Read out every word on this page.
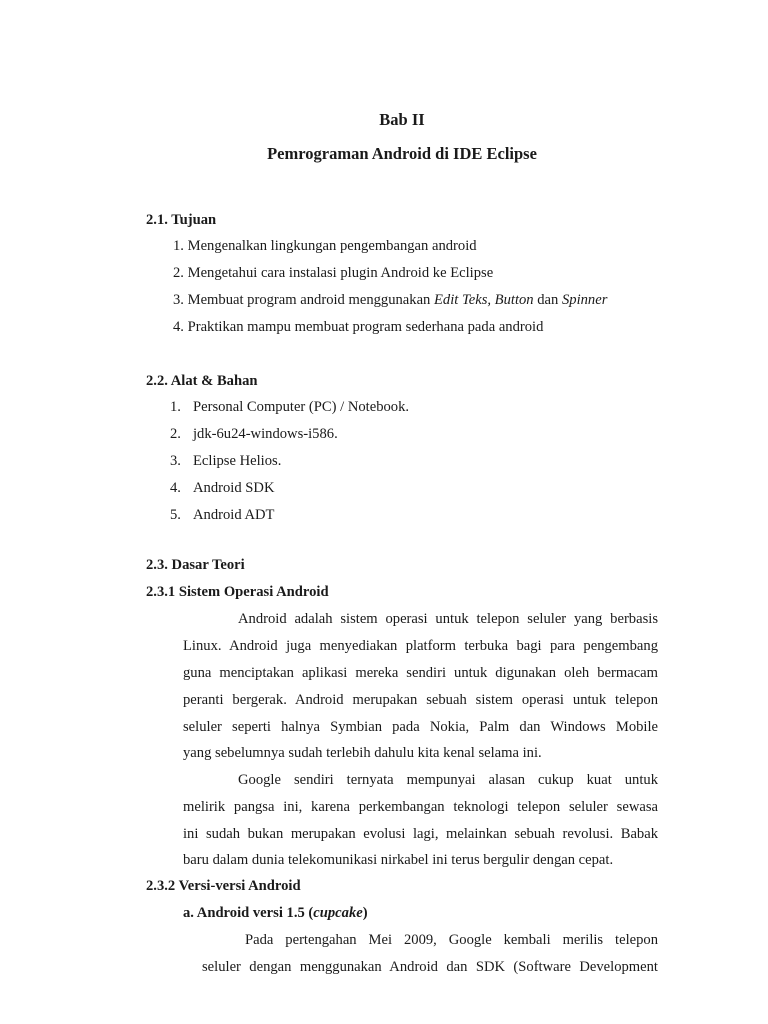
Bab II
Pemrograman Android di IDE Eclipse
2.1. Tujuan
1. Mengenalkan lingkungan pengembangan android
2. Mengetahui cara instalasi plugin Android ke Eclipse
3. Membuat program android menggunakan Edit Teks, Button dan Spinner
4. Praktikan mampu membuat program sederhana pada android
2.2. Alat & Bahan
1. Personal Computer (PC) / Notebook.
2. jdk-6u24-windows-i586.
3. Eclipse Helios.
4. Android SDK
5. Android ADT
2.3. Dasar Teori
2.3.1 Sistem Operasi Android
Android adalah sistem operasi untuk telepon seluler yang berbasis
Linux. Android juga menyediakan platform terbuka bagi para pengembang
guna menciptakan aplikasi mereka sendiri untuk digunakan oleh bermacam
peranti bergerak. Android merupakan sebuah sistem operasi untuk telepon
seluler seperti halnya Symbian pada Nokia, Palm dan Windows Mobile
yang sebelumnya sudah terlebih dahulu kita kenal selama ini.
Google sendiri ternyata mempunyai alasan cukup kuat untuk
melirik pangsa ini, karena perkembangan teknologi telepon seluler sewasa
ini sudah bukan merupakan evolusi lagi, melainkan sebuah revolusi. Babak
baru dalam dunia telekomunikasi nirkabel ini terus bergulir dengan cepat.
2.3.2 Versi-versi Android
a. Android versi 1.5 (cupcake)
Pada pertengahan Mei 2009, Google kembali merilis telepon
seluler dengan menggunakan Android dan SDK (Software Development
